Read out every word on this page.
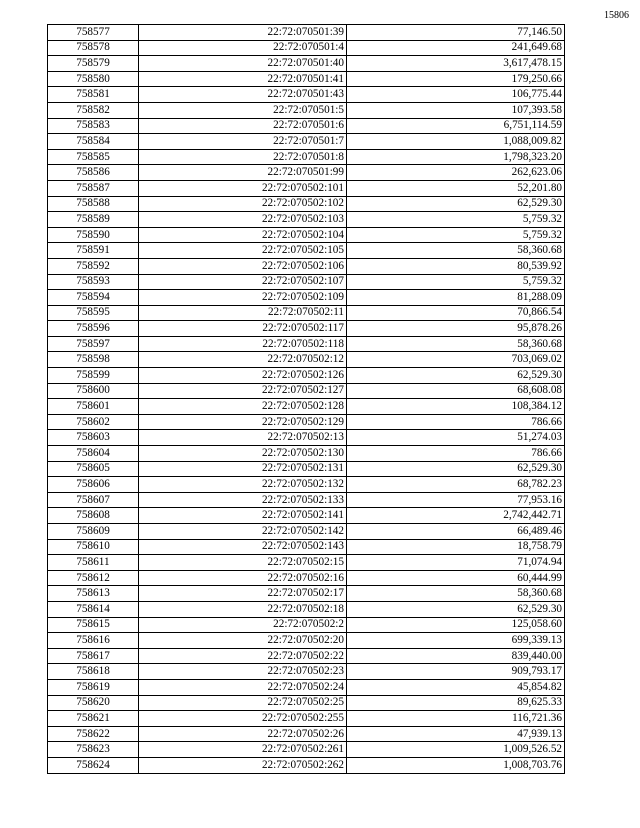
15806
758577	22:72:070501:39	77,146.50
758578	22:72:070501:4	241,649.68
758579	22:72:070501:40	3,617,478.15
758580	22:72:070501:41	179,250.66
758581	22:72:070501:43	106,775.44
758582	22:72:070501:5	107,393.58
758583	22:72:070501:6	6,751,114.59
758584	22:72:070501:7	1,088,009.82
758585	22:72:070501:8	1,798,323.20
758586	22:72:070501:99	262,623.06
758587	22:72:070502:101	52,201.80
758588	22:72:070502:102	62,529.30
758589	22:72:070502:103	5,759.32
758590	22:72:070502:104	5,759.32
758591	22:72:070502:105	58,360.68
758592	22:72:070502:106	80,539.92
758593	22:72:070502:107	5,759.32
758594	22:72:070502:109	81,288.09
758595	22:72:070502:11	70,866.54
758596	22:72:070502:117	95,878.26
758597	22:72:070502:118	58,360.68
758598	22:72:070502:12	703,069.02
758599	22:72:070502:126	62,529.30
758600	22:72:070502:127	68,608.08
758601	22:72:070502:128	108,384.12
758602	22:72:070502:129	786.66
758603	22:72:070502:13	51,274.03
758604	22:72:070502:130	786.66
758605	22:72:070502:131	62,529.30
758606	22:72:070502:132	68,782.23
758607	22:72:070502:133	77,953.16
758608	22:72:070502:141	2,742,442.71
758609	22:72:070502:142	66,489.46
758610	22:72:070502:143	18,758.79
758611	22:72:070502:15	71,074.94
758612	22:72:070502:16	60,444.99
758613	22:72:070502:17	58,360.68
758614	22:72:070502:18	62,529.30
758615	22:72:070502:2	125,058.60
758616	22:72:070502:20	699,339.13
758617	22:72:070502:22	839,440.00
758618	22:72:070502:23	909,793.17
758619	22:72:070502:24	45,854.82
758620	22:72:070502:25	89,625.33
758621	22:72:070502:255	116,721.36
758622	22:72:070502:26	47,939.13
758623	22:72:070502:261	1,009,526.52
758624	22:72:070502:262	1,008,703.76
